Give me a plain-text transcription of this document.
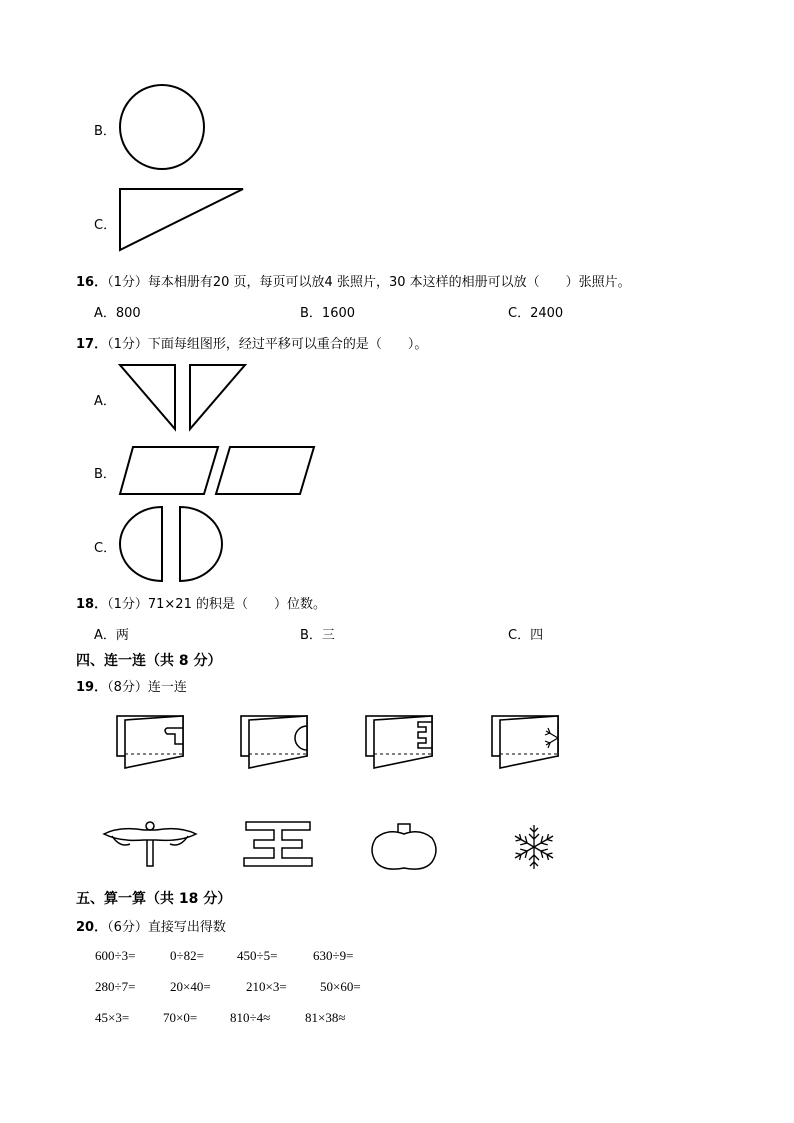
B．
C．
16．（1分）每本相册有20 页，每页可以放4 张照片，30 本这样的相册可以放（　　）张照片。
A．800	B．1600	C．2400
17．（1分）下面每组图形，经过平移可以重合的是（　　）。
A．
B．
C．
18．（1分）71×21 的积是（　　）位数。
A．两	B．三	C．四
四、连一连（共 8 分）
19．（8分）连一连
五、算一算（共 18 分）
20．（6分）直接写出得数
600÷3=	0÷82=	450÷5=	630÷9=
280÷7=	20×40=	210×3=	50×60=
45×3=	70×0=	810÷4≈	81×38≈
